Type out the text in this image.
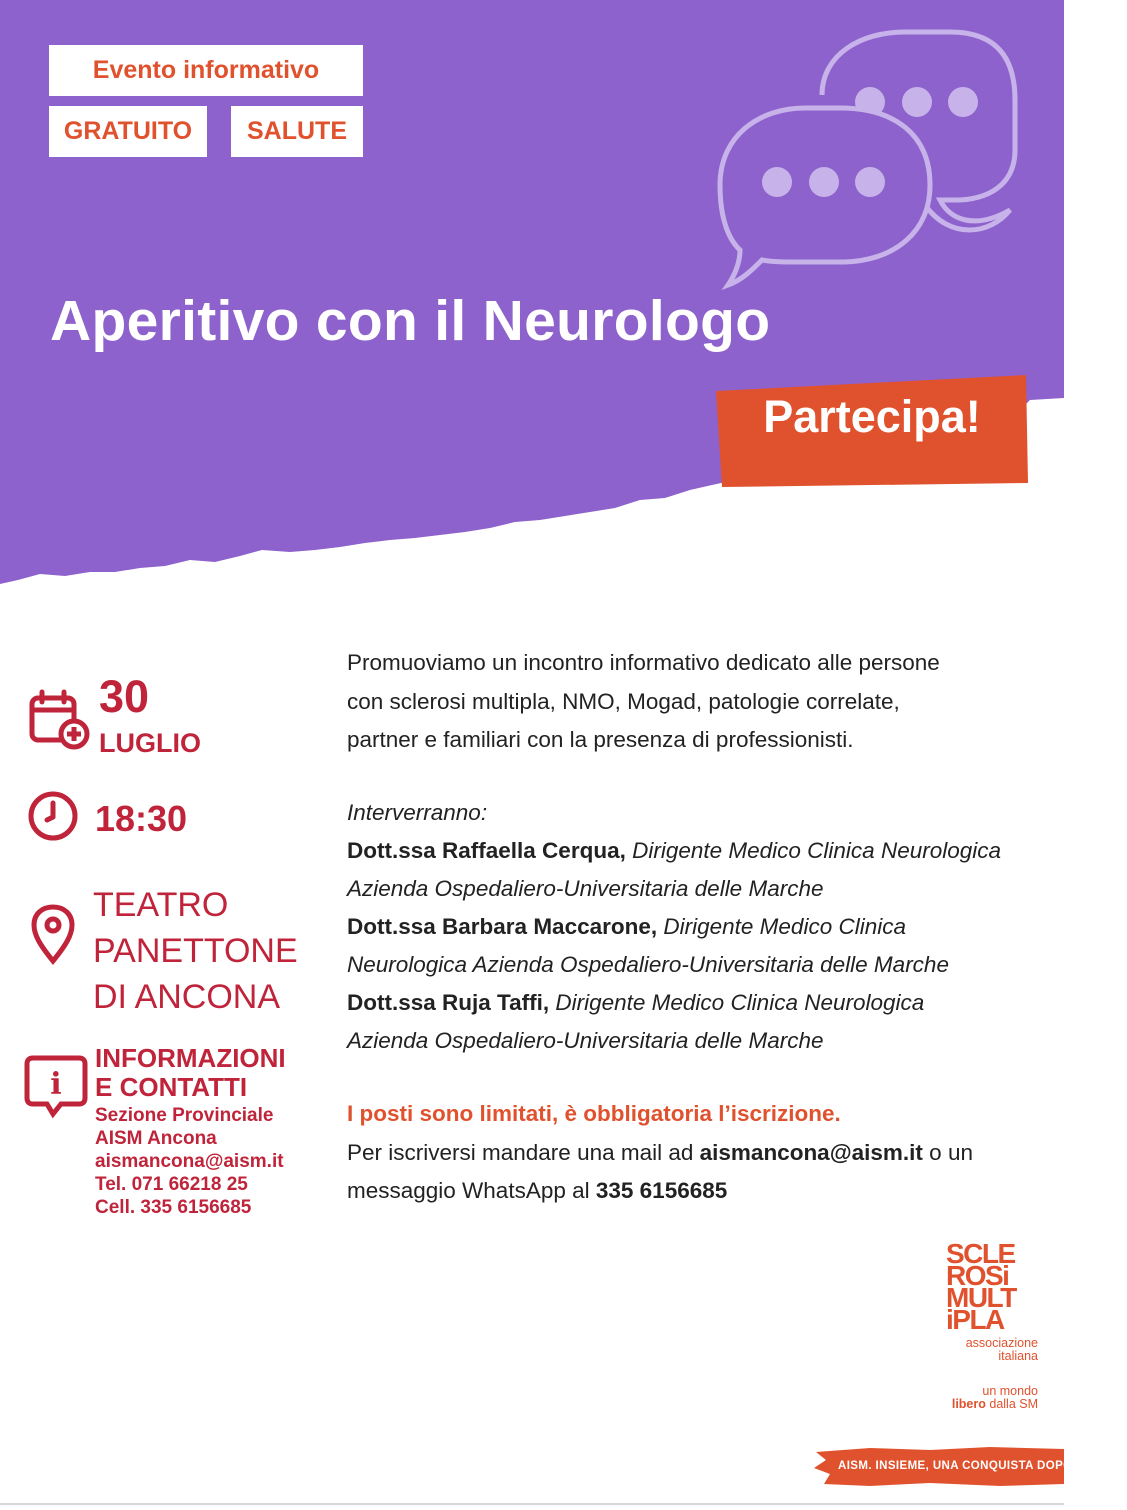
Evento informativo
GRATUITO	SALUTE
Aperitivo con il Neurologo
Partecipa!
30
LUGLIO
18:30
TEATRO
PANETTONE
DI ANCONA
i
INFORMAZIONI
E CONTATTI
Sezione Provinciale
AISM Ancona
aismancona@aism.it
Tel. 071 66218 25
Cell. 335 6156685
Promuoviamo un incontro informativo dedicato alle persone
con sclerosi multipla, NMO, Mogad, patologie correlate,
partner e familiari con la presenza di professionisti.
Interverranno:
Dott.ssa Raffaella Cerqua, Dirigente Medico Clinica Neurologica
Azienda Ospedaliero-Universitaria delle Marche
Dott.ssa Barbara Maccarone, Dirigente Medico Clinica
Neurologica Azienda Ospedaliero-Universitaria delle Marche
Dott.ssa Ruja Taffi, Dirigente Medico Clinica Neurologica
Azienda Ospedaliero-Universitaria delle Marche
I posti sono limitati, è obbligatoria l’iscrizione.
Per iscriversi mandare una mail ad aismancona@aism.it o un
messaggio WhatsApp al 335 6156685
SCLE
ROSi
MULT
iPLA
associazione
italiana
un mondo
libero dalla SM
AISM. INSIEME, UNA CONQUISTA DOPO L’ALTRA
